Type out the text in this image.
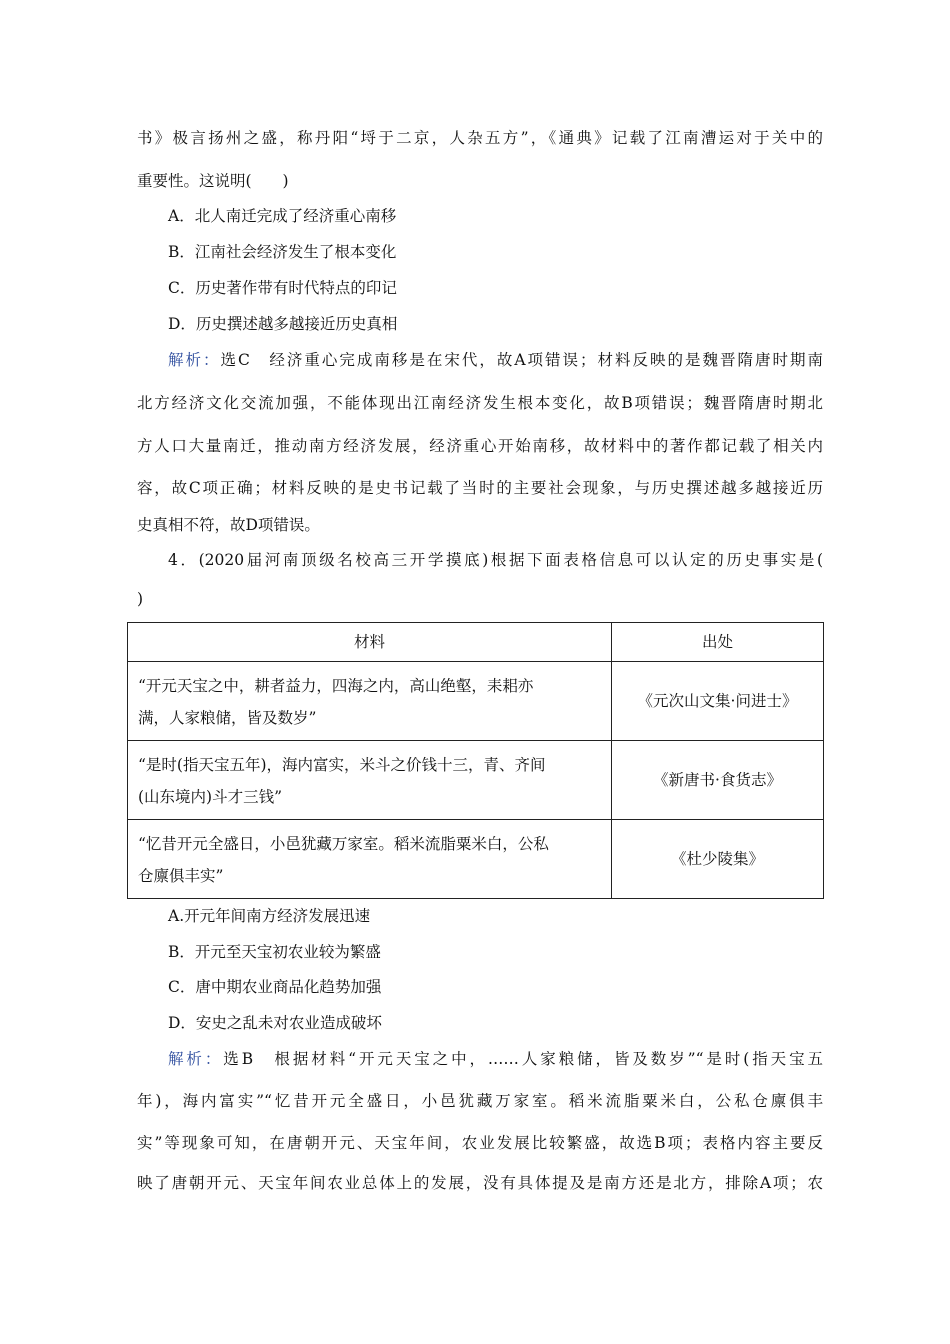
书》极言扬州之盛，称丹阳“埒于二京，人杂五方”，《通典》记载了江南漕运对于关中的
重要性。这说明(　　)
A．北人南迁完成了经济重心南移
B．江南社会经济发生了根本变化
C．历史著作带有时代特点的印记
D．历史撰述越多越接近历史真相
解析：选C　经济重心完成南移是在宋代，故A项错误；材料反映的是魏晋隋唐时期南
北方经济文化交流加强，不能体现出江南经济发生根本变化，故B项错误；魏晋隋唐时期北
方人口大量南迁，推动南方经济发展，经济重心开始南移，故材料中的著作都记载了相关内
容，故C项正确；材料反映的是史书记载了当时的主要社会现象，与历史撰述越多越接近历
史真相不符，故D项错误。
4．(2020届河南顶级名校高三开学摸底)根据下面表格信息可以认定的历史事实是(
)
材料	出处

“开元天宝之中，耕者益力，四海之内，高山绝壑，耒耜亦
满，人家粮储，皆及数岁”	《元次山文集·问进士》

“是时(指天宝五年)，海内富实，米斗之价钱十三，青、齐间
(山东境内)斗才三钱”	《新唐书·食货志》

“忆昔开元全盛日，小邑犹藏万家室。稻米流脂粟米白，公私
仓廪俱丰实”	《杜少陵集》
A.开元年间南方经济发展迅速
B．开元至天宝初农业较为繁盛
C．唐中期农业商品化趋势加强
D．安史之乱未对农业造成破坏
解析：选B　根据材料“开元天宝之中，……人家粮储，皆及数岁”“是时(指天宝五
年)，海内富实”“忆昔开元全盛日，小邑犹藏万家室。稻米流脂粟米白，公私仓廪俱丰
实”等现象可知，在唐朝开元、天宝年间，农业发展比较繁盛，故选B项；表格内容主要反
映了唐朝开元、天宝年间农业总体上的发展，没有具体提及是南方还是北方，排除A项；农
